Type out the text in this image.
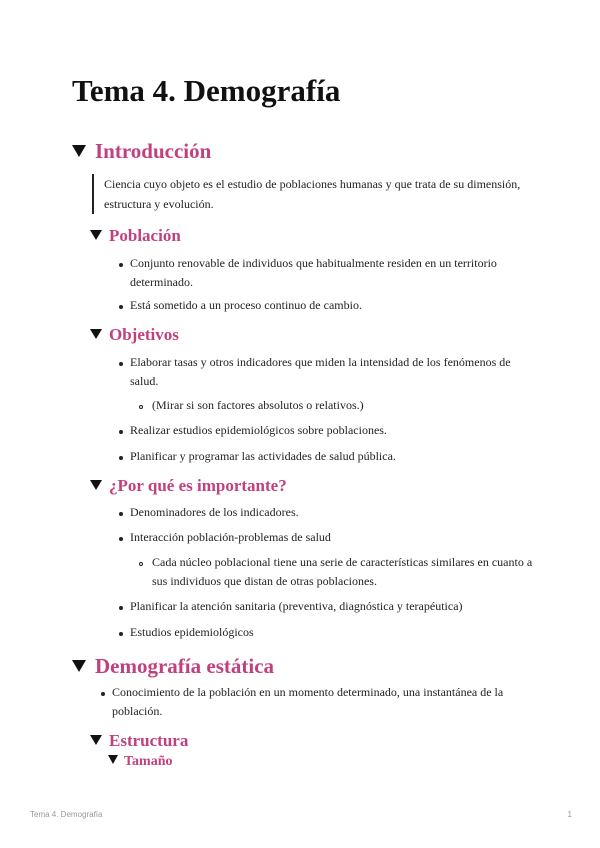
Tema 4. Demografía
Introducción
Ciencia cuyo objeto es el estudio de poblaciones humanas y que trata de su dimensión, estructura y evolución.
Población
Conjunto renovable de individuos que habitualmente residen en un territorio determinado.
Está sometido a un proceso continuo de cambio.
Objetivos
Elaborar tasas y otros indicadores que miden la intensidad de los fenómenos de salud.
(Mirar si son factores absolutos o relativos.)
Realizar estudios epidemiológicos sobre poblaciones.
Planificar y programar las actividades de salud pública.
¿Por qué es importante?
Denominadores de los indicadores.
Interacción población-problemas de salud
Cada núcleo poblacional tiene una serie de características similares en cuanto a sus individuos que distan de otras poblaciones.
Planificar la atención sanitaria (preventiva, diagnóstica y terapéutica)
Estudios epidemiológicos
Demografía estática
Conocimiento de la población en un momento determinado, una instantánea de la población.
Estructura
Tamaño
Tema 4. Demografía	1
